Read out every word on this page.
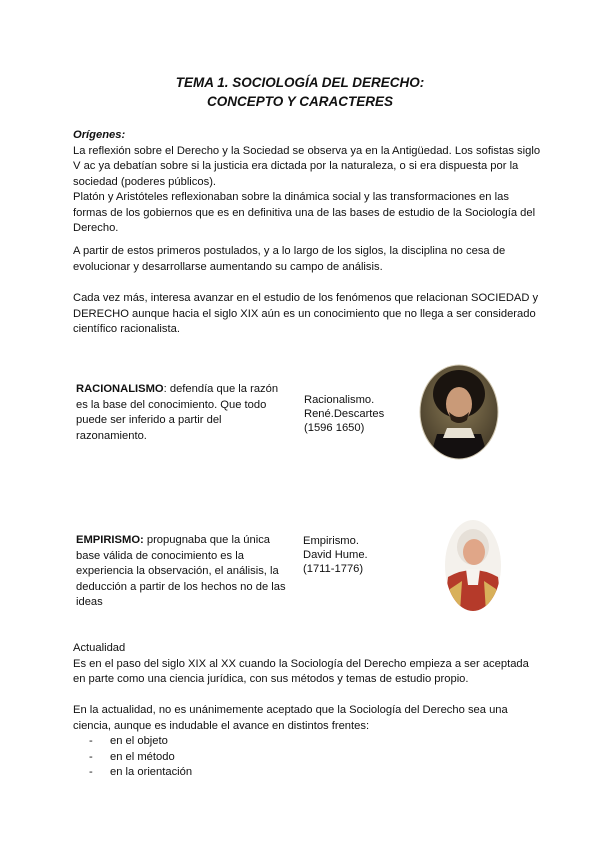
TEMA 1. SOCIOLOGÍA DEL DERECHO:
CONCEPTO Y CARACTERES

Orígenes:

La reflexión sobre el Derecho y la Sociedad se observa ya en la Antigüedad. Los sofistas siglo V ac ya debatían sobre si la justicia era dictada por la naturaleza, o si era dispuesta por la sociedad (poderes públicos).

Platón y Aristóteles reflexionaban sobre la dinámica social y las transformaciones en las formas de los gobiernos que es en definitiva una de las bases de estudio de la Sociología del Derecho.

A partir de estos primeros postulados, y a lo largo de los siglos, la disciplina no cesa de evolucionar y desarrollarse aumentando su campo de análisis.

Cada vez más, interesa avanzar en el estudio de los fenómenos que relacionan SOCIEDAD y DERECHO aunque hacia el siglo XIX aún es un conocimiento que no llega a ser considerado científico racionalista.

RACIONALISMO: defendía que la razón es la base del conocimiento. Que todo puede ser inferido a partir del razonamiento.
Racionalismo.
René.Descartes
(1596 1650)
EMPIRISMO: propugnaba que la única base válida de conocimiento es la experiencia la observación, el análisis, la deducción a partir de los hechos no de las ideas
Empirismo.
David Hume.
(1711-1776)

Actualidad

Es en el paso del siglo XIX al XX cuando la Sociología del Derecho empieza a ser aceptada en parte como una ciencia jurídica, con sus métodos y temas de estudio propio.

En la actualidad, no es unánimemente aceptado que la Sociología del Derecho sea una ciencia, aunque es indudable el avance en distintos frentes:

- en el objeto
- en el método
- en la orientación
